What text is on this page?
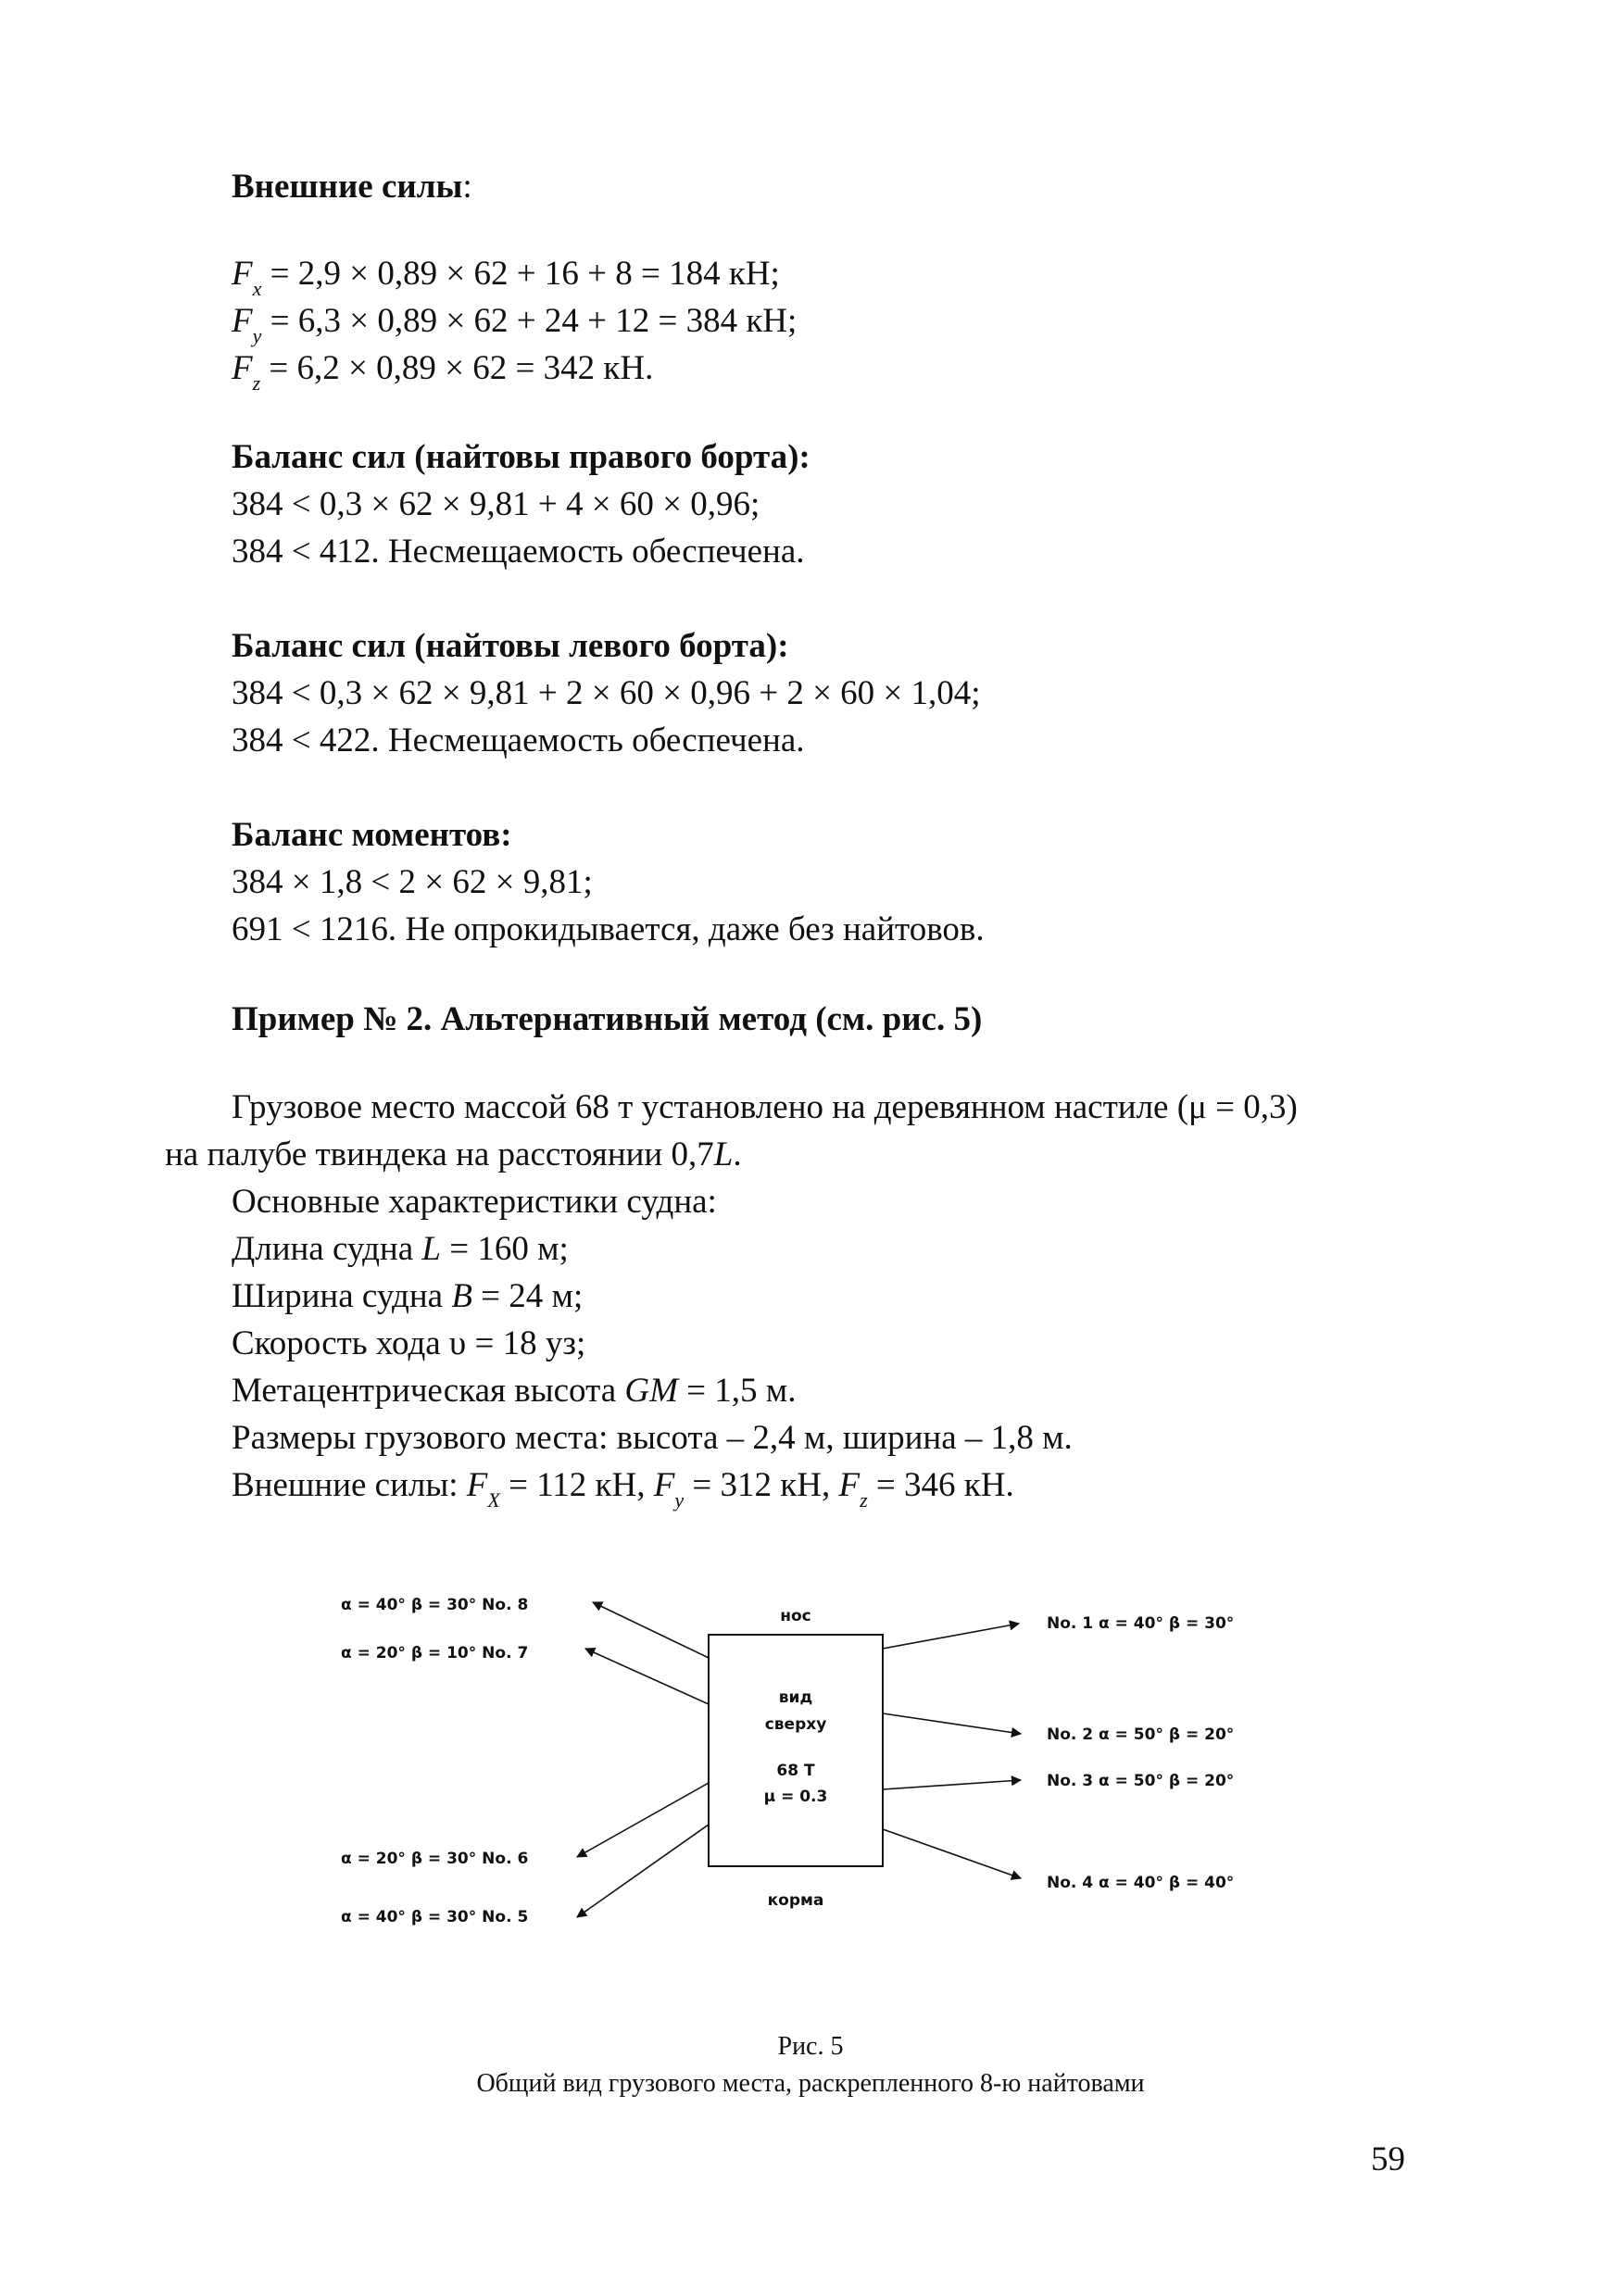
Внешние силы:
$F_x = 2,9 \times 0,89 \times 62 + 16 + 8 = 184$ кН;
$F_y = 6,3 \times 0,89 \times 62 + 24 + 12 = 384$ кН;
$F_z = 6,2 \times 0,89 \times 62 = 342$ кН.
Баланс сил (найтовы правого борта):
384 < 0,3 × 62 × 9,81 + 4 × 60 × 0,96;
384 < 412. Несмещаемость обеспечена.
Баланс сил (найтовы левого борта):
384 < 0,3 × 62 × 9,81 + 2 × 60 × 0,96 + 2 × 60 × 1,04;
384 < 422. Несмещаемость обеспечена.
Баланс моментов:
384 × 1,8 < 2 × 62 × 9,81;
691 < 1216. Не опрокидывается, даже без найтовов.
Пример № 2. Альтернативный метод (см. рис. 5)
Грузовое место массой 68 т установлено на деревянном настиле (μ = 0,3)
на палубе твиндека на расстоянии 0,7L.
Основные характеристики судна:
Длина судна L = 160 м;
Ширина судна B = 24 м;
Скорость хода υ = 18 уз;
Метацентрическая высота GM = 1,5 м.
Размеры грузового места: высота – 2,4 м, ширина – 1,8 м.
Внешние силы: $F_X = 112$ кН, $F_y = 312$ кН, $F_z = 346$ кН.
нос
корма
вид
сверху
68 Т
μ = 0.3
α = 40° β = 30° No. 8
α = 20° β = 10° No. 7
α = 20° β = 30° No. 6
α = 40° β = 30° No. 5
No. 1 α = 40° β = 30°
No. 2 α = 50° β = 20°
No. 3 α = 50° β = 20°
No. 4 α = 40° β = 40°
Рис. 5
Общий вид грузового места, раскрепленного 8-ю найтовами
59
